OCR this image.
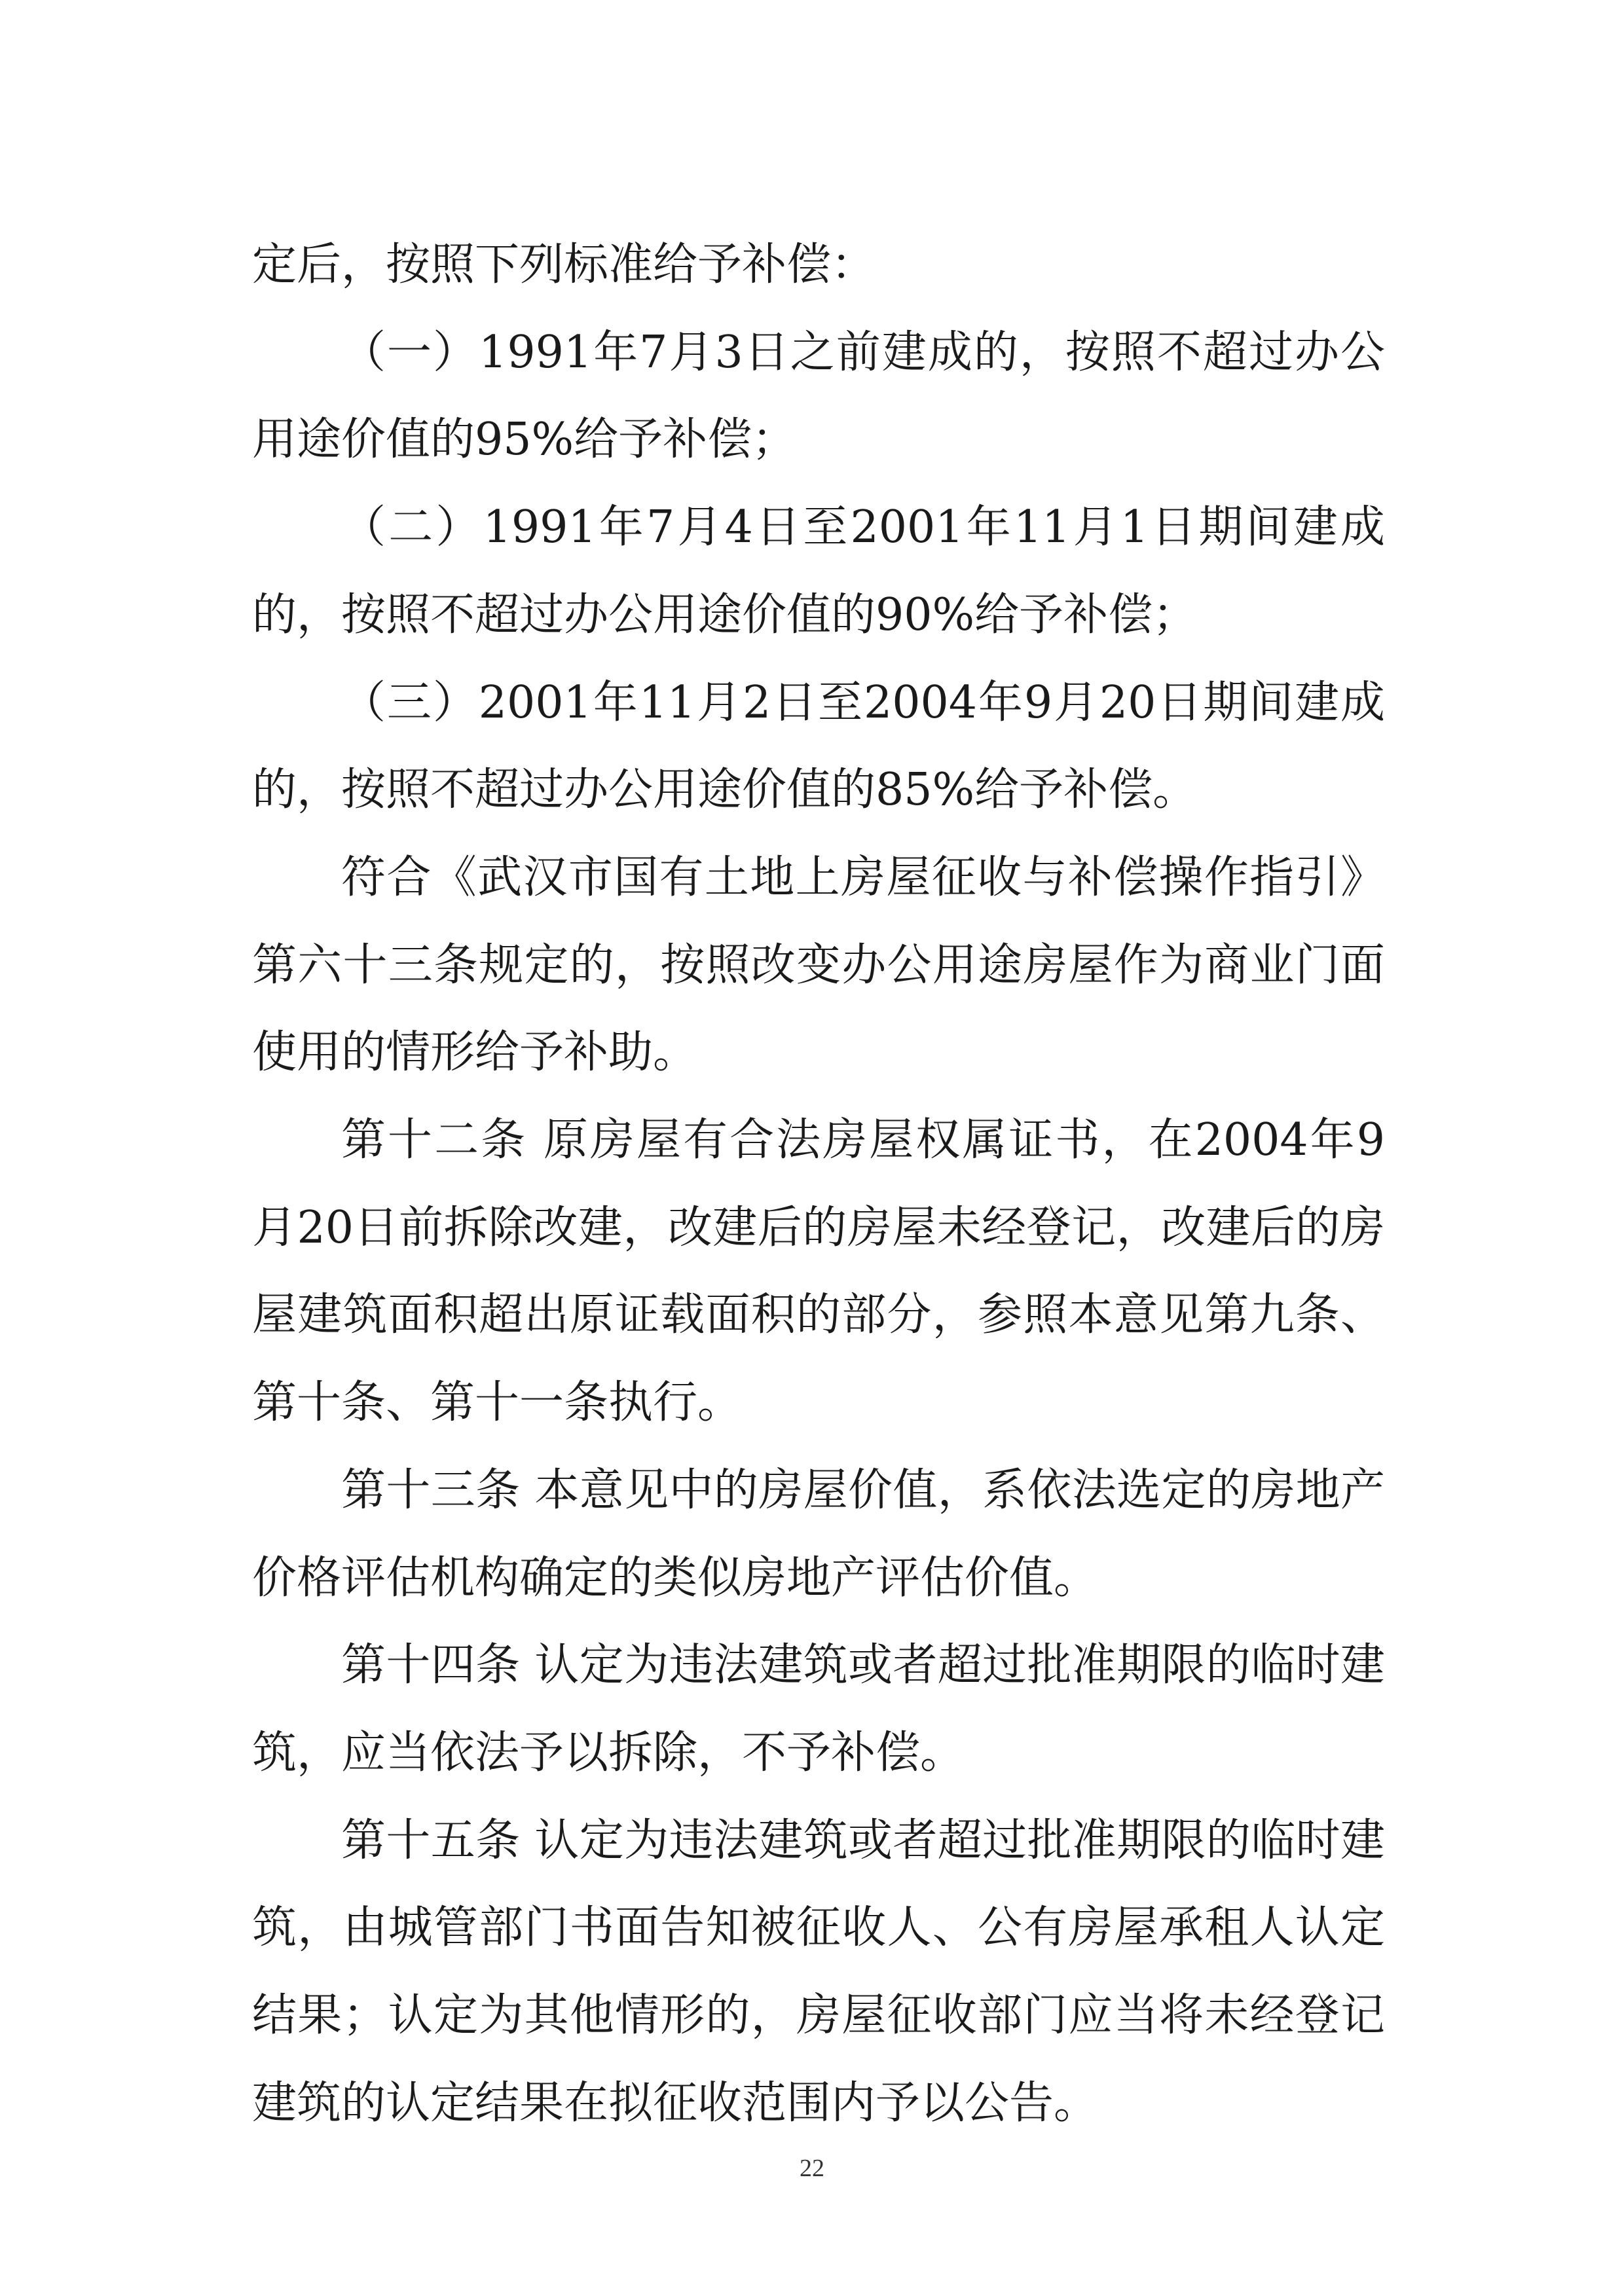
定后，按照下列标准给予补偿：

（一）1991年7月3日之前建成的，按照不超过办公用途价值的95%给予补偿；

（二）1991年7月4日至2001年11月1日期间建成的，按照不超过办公用途价值的90%给予补偿；

（三）2001年11月2日至2004年9月20日期间建成的，按照不超过办公用途价值的85%给予补偿。

符合《武汉市国有土地上房屋征收与补偿操作指引》第六十三条规定的，按照改变办公用途房屋作为商业门面使用的情形给予补助。

第十二条 原房屋有合法房屋权属证书，在2004年9月20日前拆除改建，改建后的房屋未经登记，改建后的房屋建筑面积超出原证载面积的部分，参照本意见第九条、第十条、第十一条执行。

第十三条 本意见中的房屋价值，系依法选定的房地产价格评估机构确定的类似房地产评估价值。

第十四条 认定为违法建筑或者超过批准期限的临时建筑，应当依法予以拆除，不予补偿。

第十五条 认定为违法建筑或者超过批准期限的临时建筑，由城管部门书面告知被征收人、公有房屋承租人认定结果；认定为其他情形的，房屋征收部门应当将未经登记建筑的认定结果在拟征收范围内予以公告。

22
